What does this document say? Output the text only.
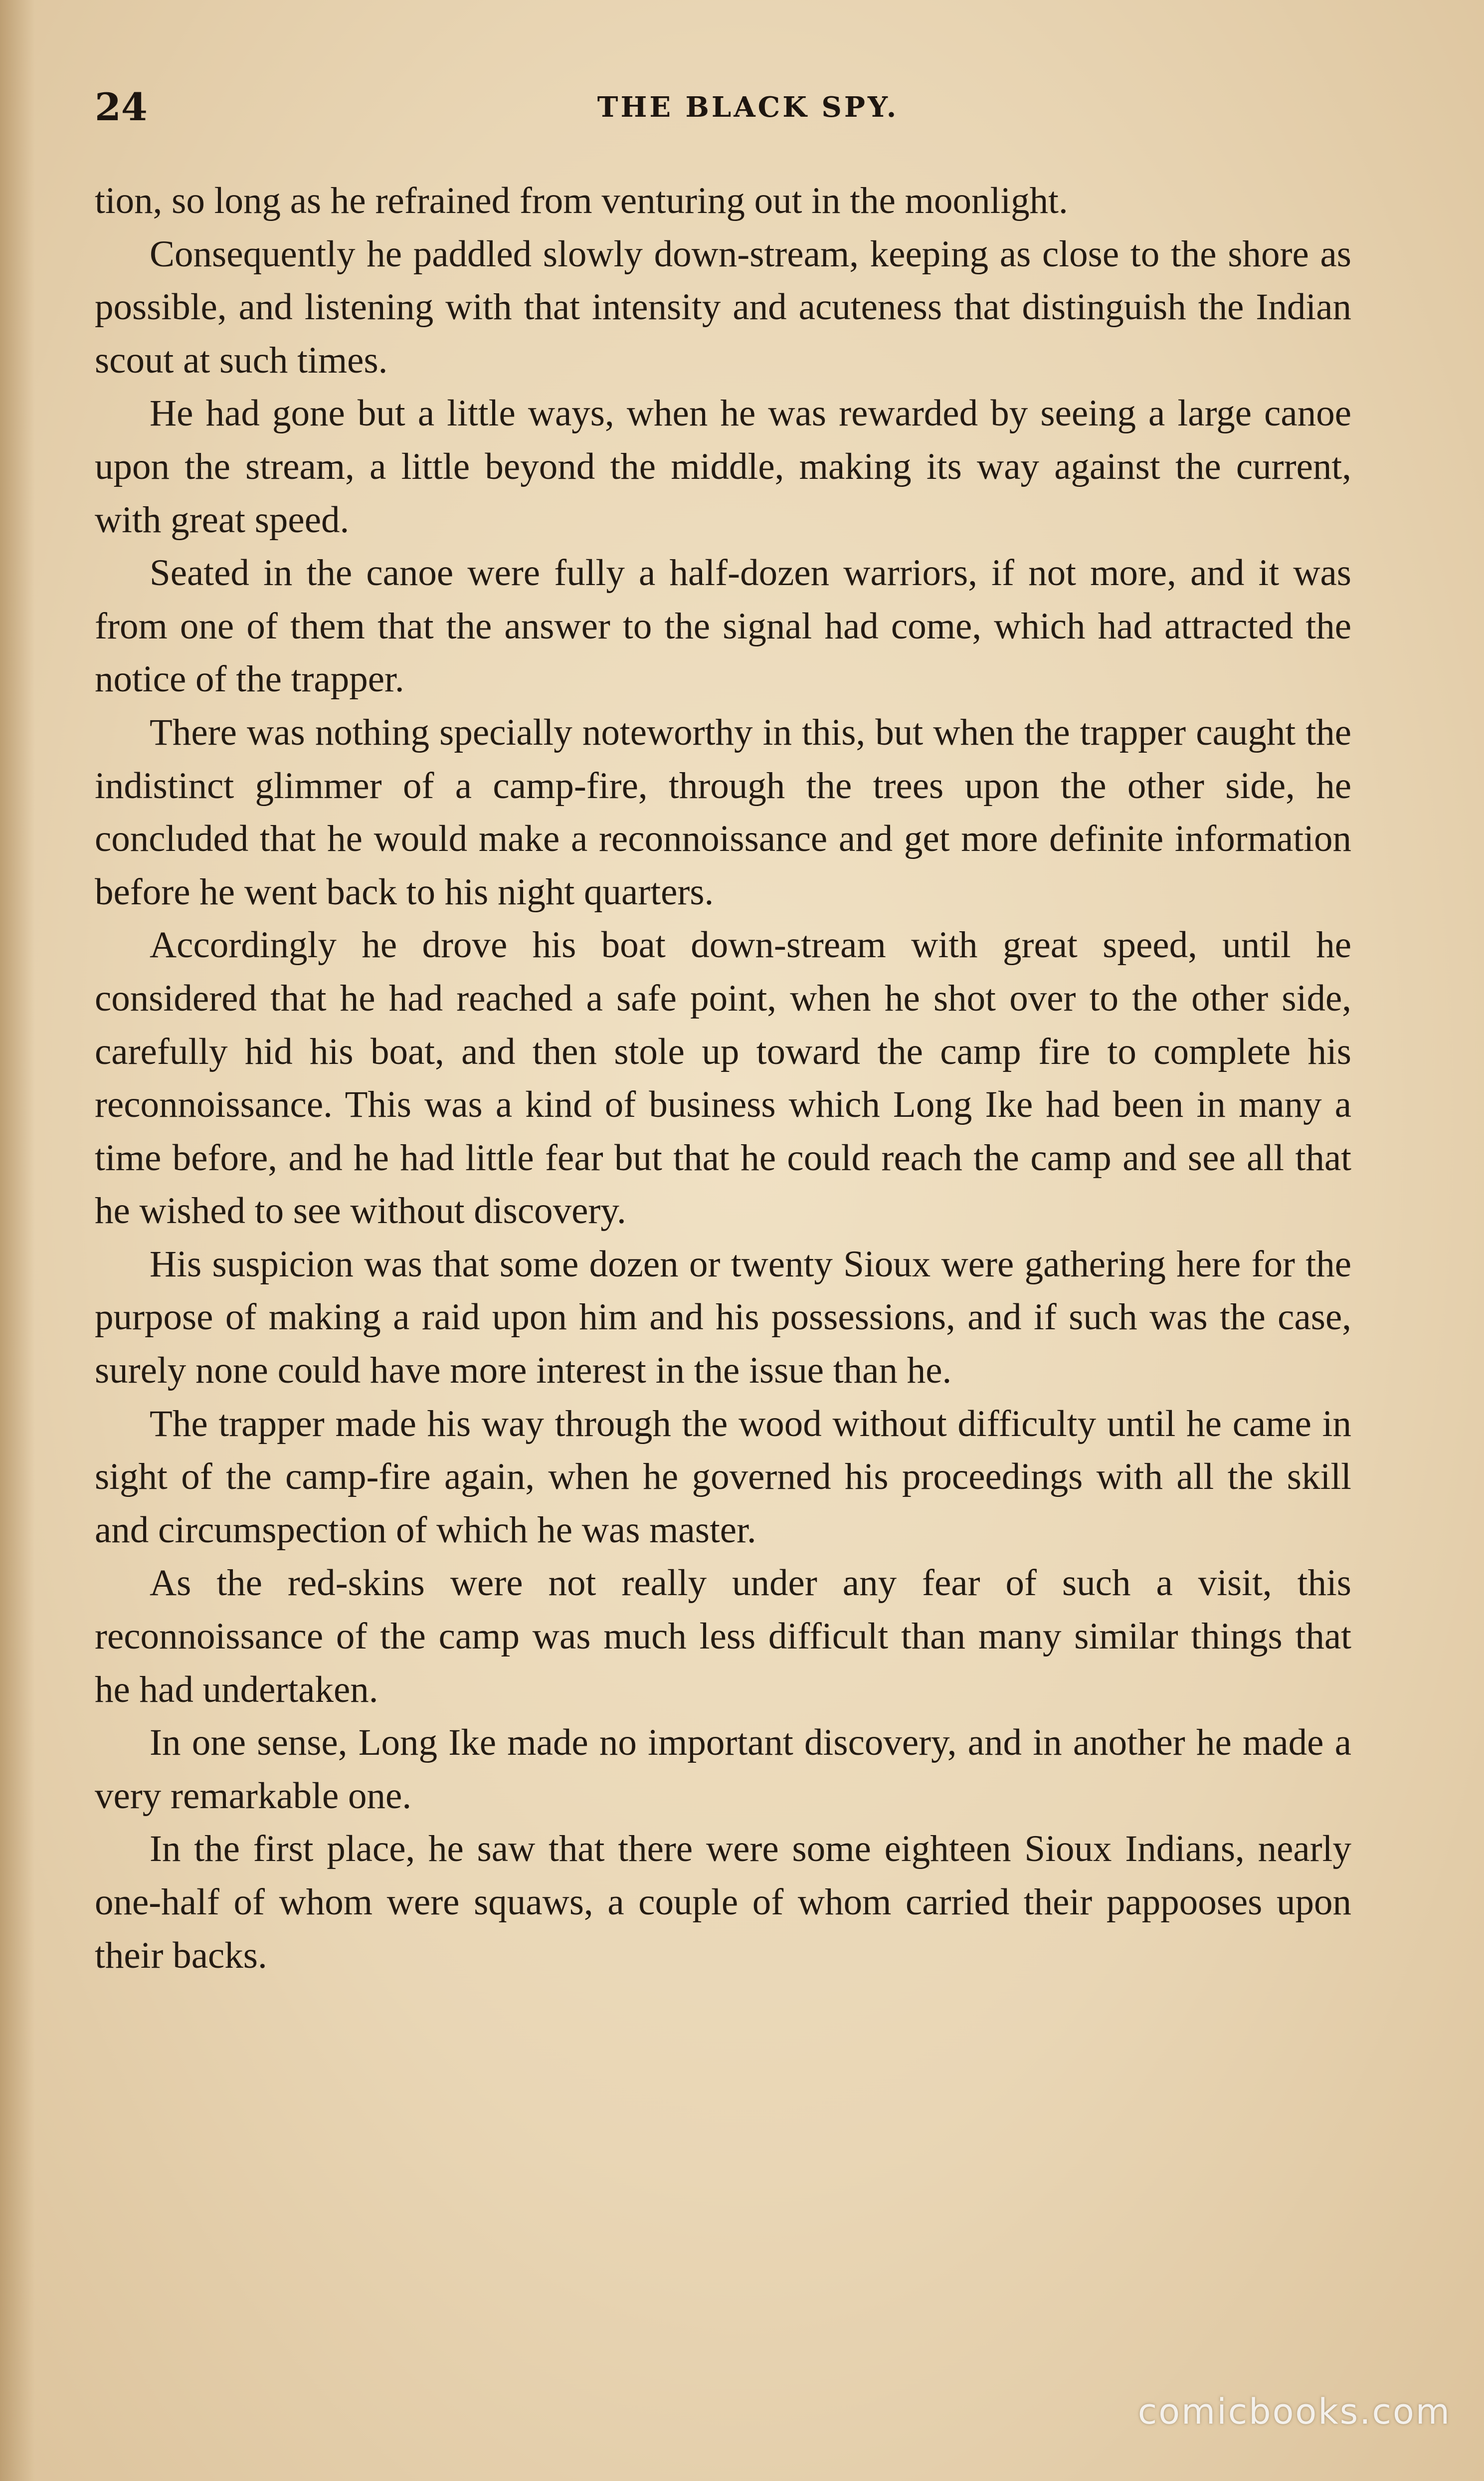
THE BLACK SPY.
24

tion, so long as he refrained from venturing out in the moonlight.

Consequently he paddled slowly down-stream, keeping as close to the shore as possible, and listening with that intensity and acuteness that distinguish the Indian scout at such times.

He had gone but a little ways, when he was rewarded by seeing a large canoe upon the stream, a little beyond the middle, making its way against the current, with great speed.

Seated in the canoe were fully a half-dozen warriors, if not more, and it was from one of them that the answer to the signal had come, which had attracted the notice of the trapper.

There was nothing specially noteworthy in this, but when the trapper caught the indistinct glimmer of a camp-fire, through the trees upon the other side, he concluded that he would make a reconnoissance and get more definite information before he went back to his night quarters.

Accordingly he drove his boat down-stream with great speed, until he considered that he had reached a safe point, when he shot over to the other side, carefully hid his boat, and then stole up toward the camp fire to complete his reconnoissance. This was a kind of business which Long Ike had been in many a time before, and he had little fear but that he could reach the camp and see all that he wished to see without discovery.

His suspicion was that some dozen or twenty Sioux were gathering here for the purpose of making a raid upon him and his possessions, and if such was the case, surely none could have more interest in the issue than he.

The trapper made his way through the wood without difficulty until he came in sight of the camp-fire again, when he governed his proceedings with all the skill and circumspection of which he was master.

As the red-skins were not really under any fear of such a visit, this reconnoissance of the camp was much less difficult than many similar things that he had undertaken.

In one sense, Long Ike made no important discovery, and in another he made a very remarkable one.

In the first place, he saw that there were some eighteen Sioux Indians, nearly one-half of whom were squaws, a couple of whom carried their pappooses upon their backs.

comicbooks.com
